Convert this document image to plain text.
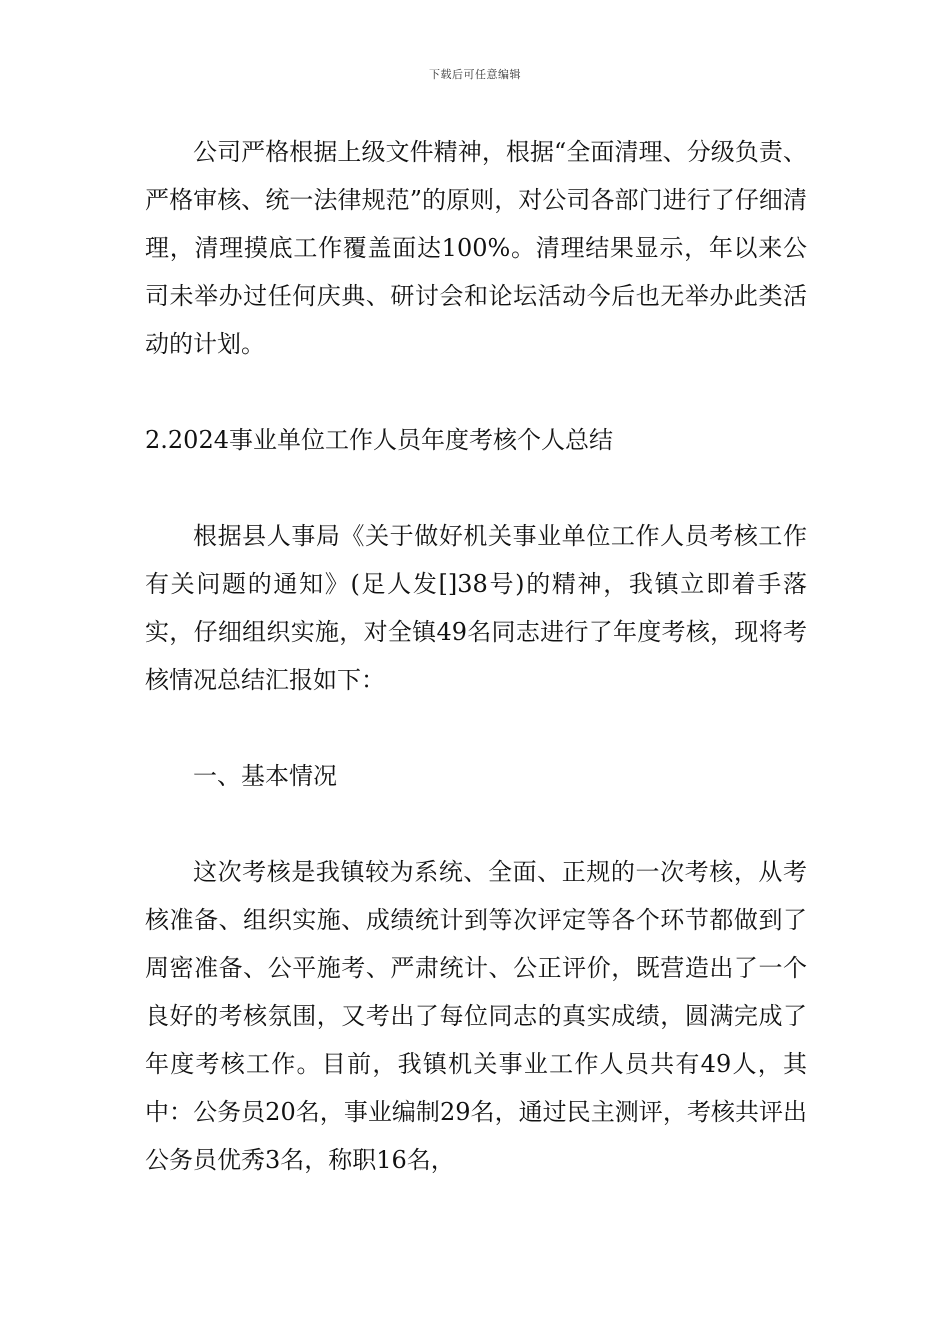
下载后可任意编辑

公司严格根据上级文件精神，根据“全面清理、分级负责、严格审核、统一法律规范”的原则，对公司各部门进行了仔细清理，清理摸底工作覆盖面达100%。清理结果显示，年以来公司未举办过任何庆典、研讨会和论坛活动今后也无举办此类活动的计划。

2.2024事业单位工作人员年度考核个人总结

根据县人事局《关于做好机关事业单位工作人员考核工作有关问题的通知》(足人发[]38号)的精神，我镇立即着手落实，仔细组织实施，对全镇49名同志进行了年度考核，现将考核情况总结汇报如下：

一、基本情况

这次考核是我镇较为系统、全面、正规的一次考核，从考核准备、组织实施、成绩统计到等次评定等各个环节都做到了周密准备、公平施考、严肃统计、公正评价，既营造出了一个良好的考核氛围，又考出了每位同志的真实成绩，圆满完成了年度考核工作。目前，我镇机关事业工作人员共有49人，其中：公务员20名，事业编制29名，通过民主测评，考核共评出公务员优秀3名，称职16名，
